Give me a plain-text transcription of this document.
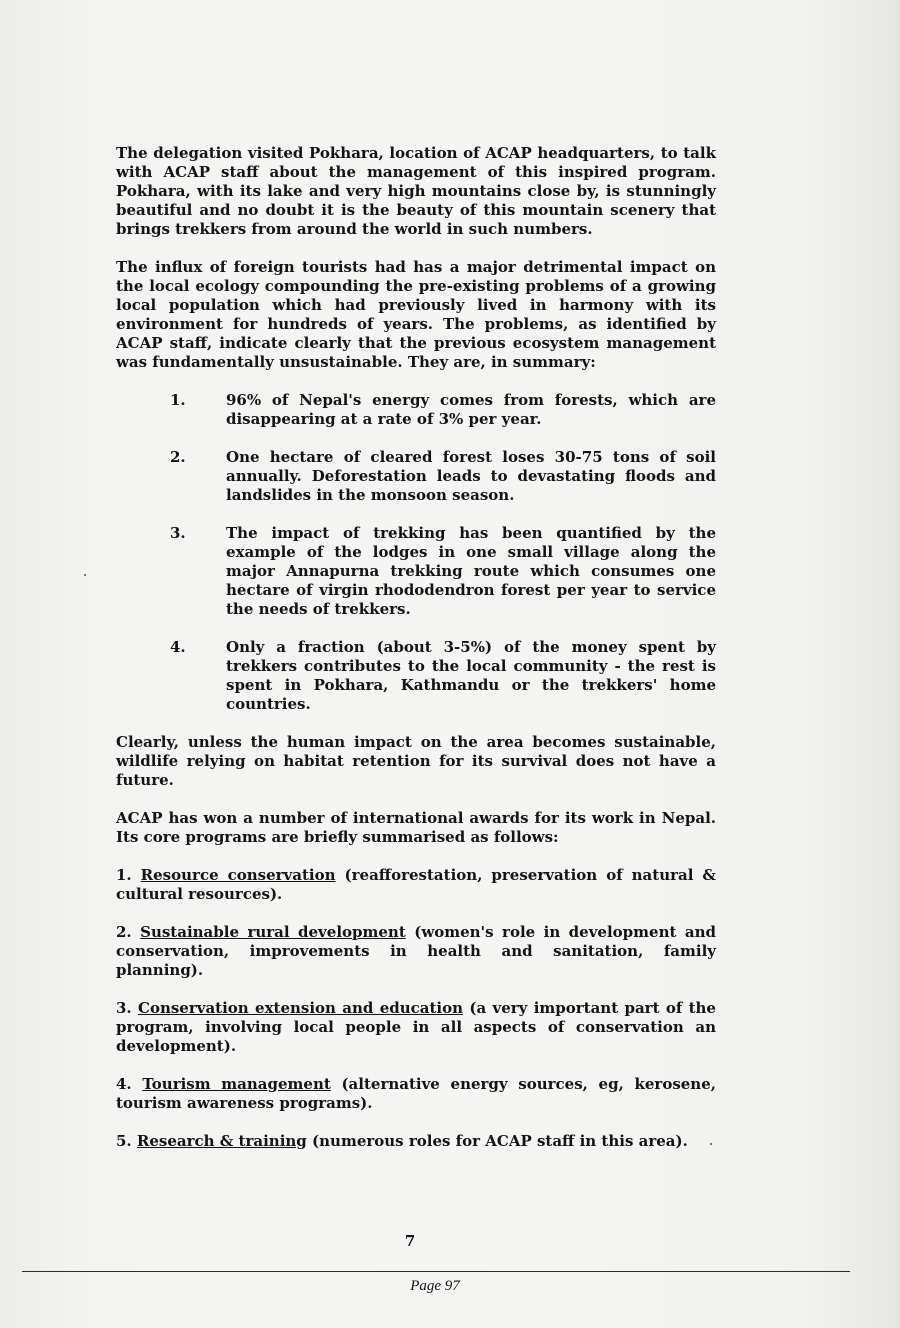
The delegation visited Pokhara, location of ACAP headquarters, to talk with ACAP staff about the management of this inspired program. Pokhara, with its lake and very high mountains close by, is stunningly beautiful and no doubt it is the beauty of this mountain scenery that brings trekkers from around the world in such numbers.

The influx of foreign tourists had has a major detrimental impact on the local ecology compounding the pre-existing problems of a growing local population which had previously lived in harmony with its environment for hundreds of years. The problems, as identified by ACAP staff, indicate clearly that the previous ecosystem management was fundamentally unsustainable. They are, in summary:

1.	96% of Nepal's energy comes from forests, which are disappearing at a rate of 3% per year.
2.	One hectare of cleared forest loses 30-75 tons of soil annually. Deforestation leads to devastating floods and landslides in the monsoon season.
3.	The impact of trekking has been quantified by the example of the lodges in one small village along the major Annapurna trekking route which consumes one hectare of virgin rhododendron forest per year to service the needs of trekkers.
4.	Only a fraction (about 3-5%) of the money spent by trekkers contributes to the local community - the rest is spent in Pokhara, Kathmandu or the trekkers' home countries.

Clearly, unless the human impact on the area becomes sustainable, wildlife relying on habitat retention for its survival does not have a future.

ACAP has won a number of international awards for its work in Nepal. Its core programs are briefly summarised as follows:

1. Resource conservation (reafforestation, preservation of natural & cultural resources).

2. Sustainable rural development (women's role in development and conservation, improvements in health and sanitation, family planning).

3. Conservation extension and education (a very important part of the program, involving local people in all aspects of conservation an development).

4. Tourism management (alternative energy sources, eg, kerosene, tourism awareness programs).

5. Research & training (numerous roles for ACAP staff in this area).

7
Page 97
